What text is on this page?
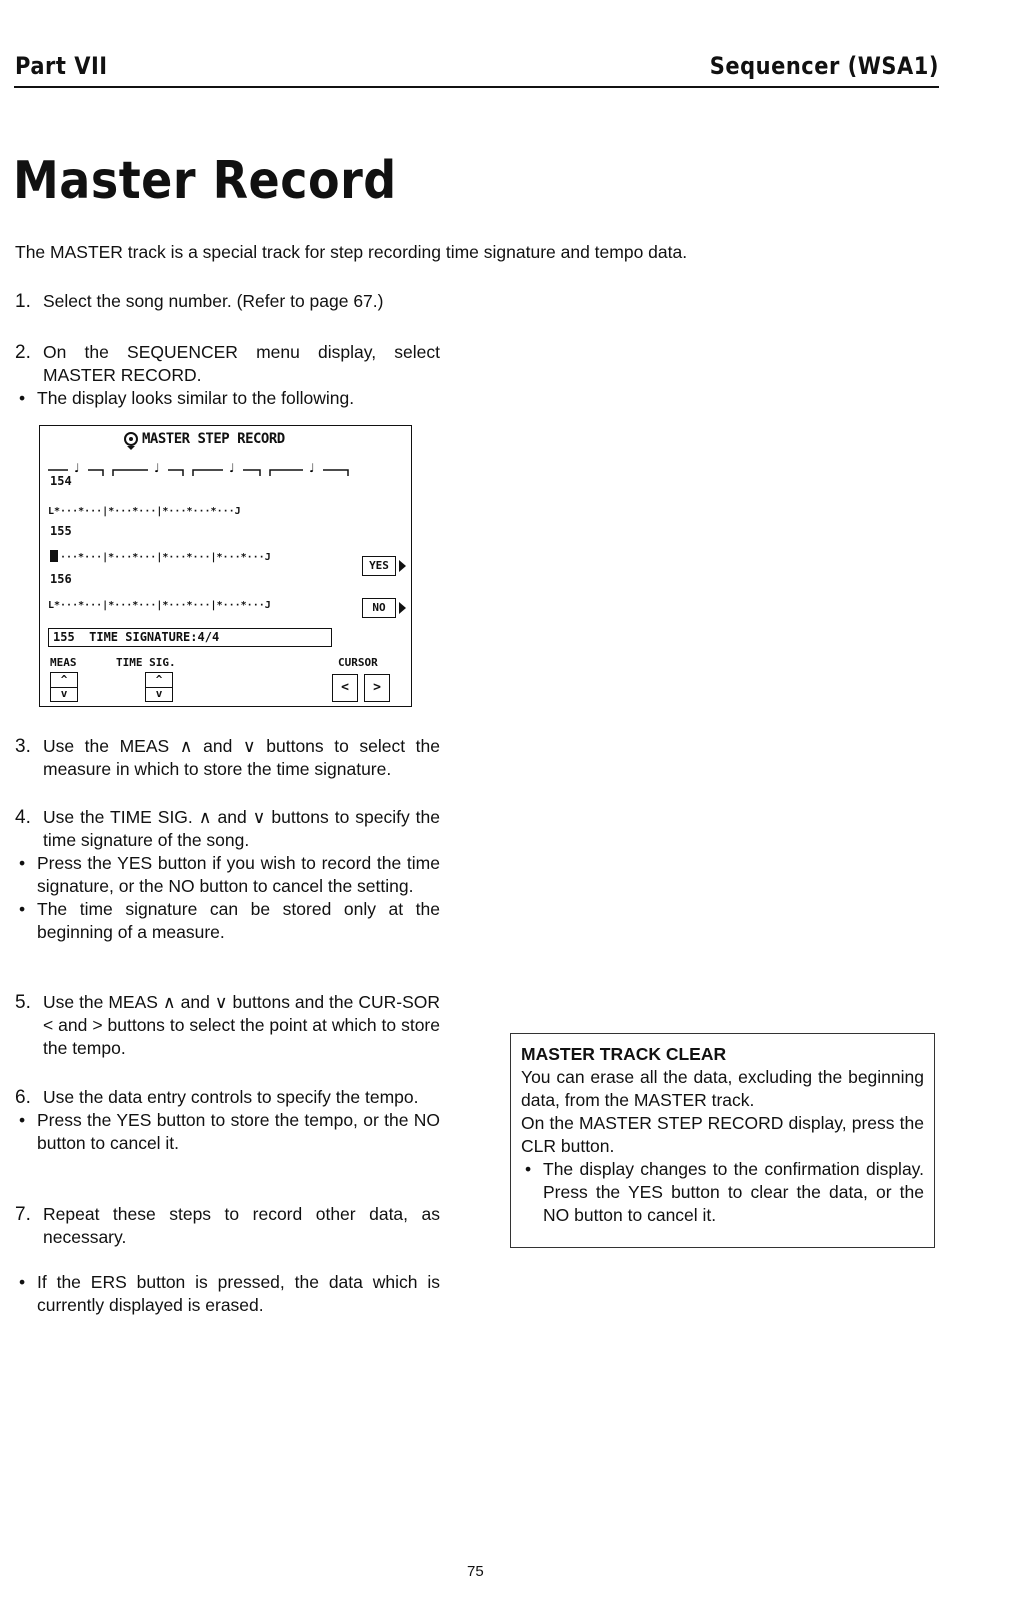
Part VII	Sequencer (WSA1)
Master Record
The MASTER track is a special track for step recording time signature and tempo data.
1. Select the song number. (Refer to page 67.)
2. On the SEQUENCER menu display, select MASTER RECORD.
• The display looks similar to the following.
MASTER STEP RECORD
♩	♩	♩	♩
154
L*···*···|*···*···|*···*···*···J
155
···*···|*···*···|*···*···|*···*···J
YES
156
L*···*···|*···*···|*···*···|*···*···J	NO
155  TIME SIGNATURE:4/4
MEAS	TIME SIG.	CURSOR
^
v
^
v	<	>
3. Use the MEAS ∧ and ∨ buttons to select the measure in which to store the time signature.
4. Use the TIME SIG. ∧ and ∨ buttons to specify the time signature of the song.
• Press the YES button if you wish to record the time signature, or the NO button to cancel the setting.
• The time signature can be stored only at the beginning of a measure.
5. Use the MEAS ∧ and ∨ buttons and the CUR-SOR < and > buttons to select the point at which to store the tempo.
6. Use the data entry controls to specify the tempo.
• Press the YES button to store the tempo, or the NO button to cancel it.
7. Repeat these steps to record other data, as necessary.
• If the ERS button is pressed, the data which is currently displayed is erased.
MASTER TRACK CLEAR
You can erase all the data, excluding the beginning data, from the MASTER track.
On the MASTER STEP RECORD display, press the CLR button.
• The display changes to the confirmation display. Press the YES button to clear the data, or the NO button to cancel it.
75
